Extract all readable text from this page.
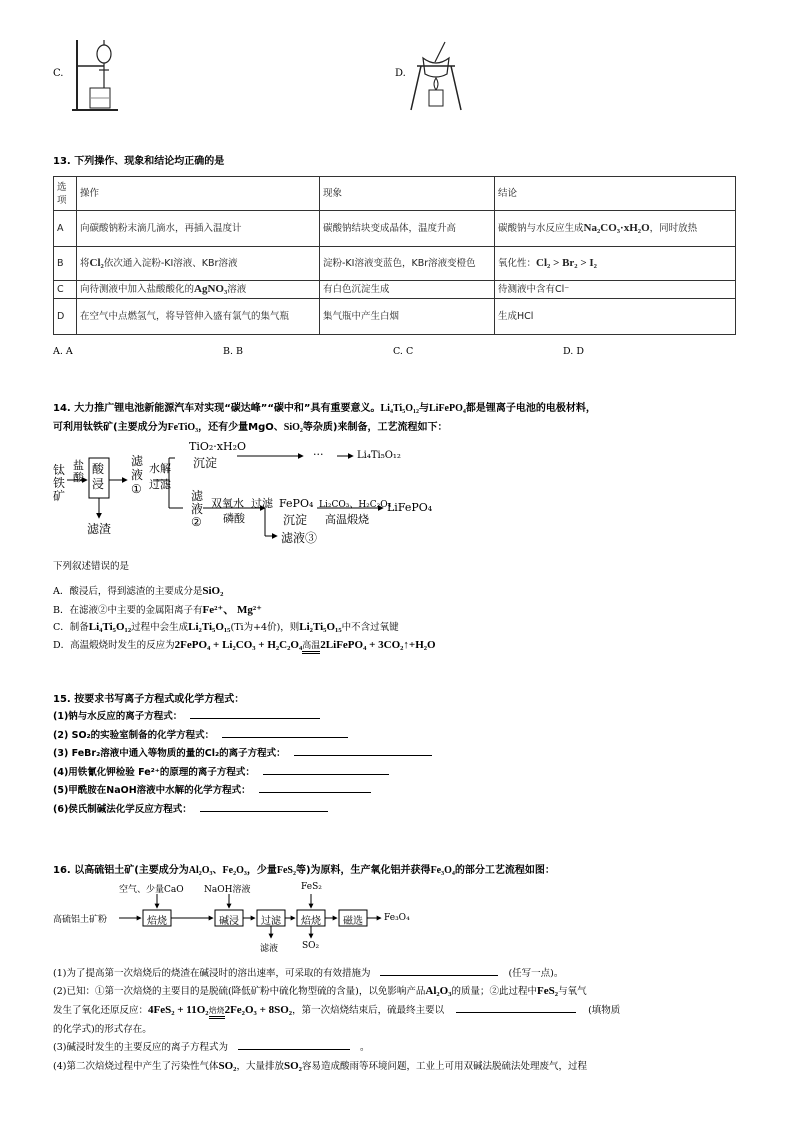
C.	D.
13. 下列操作、现象和结论均正确的是
选项	操作	现象	结论
A	向碳酸钠粉末滴几滴水，再插入温度计	碳酸钠结块变成晶体，温度升高	碳酸钠与水反应生成Na₂CO₃·xH₂O，同时放热
B	将Cl₂依次通入淀粉-KI溶液、KBr溶液	淀粉-KI溶液变蓝色，KBr溶液变橙色	氧化性：Cl₂ > Br₂ > I₂
C	向待测液中加入盐酸酸化的AgNO₃溶液	有白色沉淀生成	待测液中含有Cl⁻
D	在空气中点燃氢气，将导管伸入盛有氯气的集气瓶	集气瓶中产生白烟	生成HCl
A. A	B. B	C. C	D. D
14. 大力推广锂电池新能源汽车对实现“碳达峰”“碳中和”具有重要意义。Li₄Ti₅O₁₂与LiFePO₄都是锂离子电池的电极材料，
可利用钛铁矿(主要成分为FeTiO₃，还有少量MgO、SiO₂等杂质)来制备，工艺流程如下：
钛
铁
矿
盐
酸
酸
浸
滤渣
滤
液
①
水解
过滤
TiO₂·xH₂O
沉淀
···	Li₄Ti₅O₁₂
滤
液
②
双氧水
磷酸
过滤 FePO₄
沉淀
Li₂CO₃、H₂C₂O₄
高温煅烧
LiFePO₄
滤液③
下列叙述错误的是
A．酸浸后，得到滤渣的主要成分是SiO₂
B．在滤液②中主要的金属阳离子有Fe²⁺、 Mg²⁺
C．制备Li₄Ti₅O₁₂过程中会生成Li₂Ti₅O₁₅(Ti为+4价)，则Li₂Ti₅O₁₅中不含过氧键
D．高温煅烧时发生的反应为2FePO₄ + Li₂CO₃ + H₂C₂O₄高温2LiFePO₄ + 3CO₂↑+H₂O
15. 按要求书写离子方程式或化学方程式：
(1)钠与水反应的离子方程式：
(2) SO₂的实验室制备的化学方程式：
(3) FeBr₂溶液中通入等物质的量的Cl₂的离子方程式：
(4)用铁氰化钾检验 Fe²⁺的原理的离子方程式：
(5)甲酰胺在NaOH溶液中水解的化学方程式：
(6)侯氏制碱法化学反应方程式：
16. 以高硫铝土矿(主要成分为Al₂O₃、Fe₂O₃，少量FeS₂等)为原料，生产氧化铝并获得Fe₃O₄的部分工艺流程如图：
高硫铝土矿粉
空气、少量CaO NaOH溶液	FeS₂
焙烧	碱浸 过滤 焙烧 磁选 Fe₃O₄
滤液	SO₂
(1)为了提高第一次焙烧后的烧渣在碱浸时的溶出速率，可采取的有效措施为	(任写一点)。
(2)已知：①第一次焙烧的主要目的是脱硫(降低矿粉中硫化物型硫的含量)，以免影响产品Al₂O₃的质量；②此过程中FeS₂与氧气
发生了氧化还原反应：4FeS₂ + 11O₂焙烧2Fe₂O₃ + 8SO₂，第一次焙烧结束后，硫最终主要以	(填物质
的化学式)的形式存在。
(3)碱浸时发生的主要反应的离子方程式为	。
(4)第二次焙烧过程中产生了污染性气体SO₂，大量排放SO₂容易造成酸雨等环境问题，工业上可用双碱法脱硫法处理废气，过程
